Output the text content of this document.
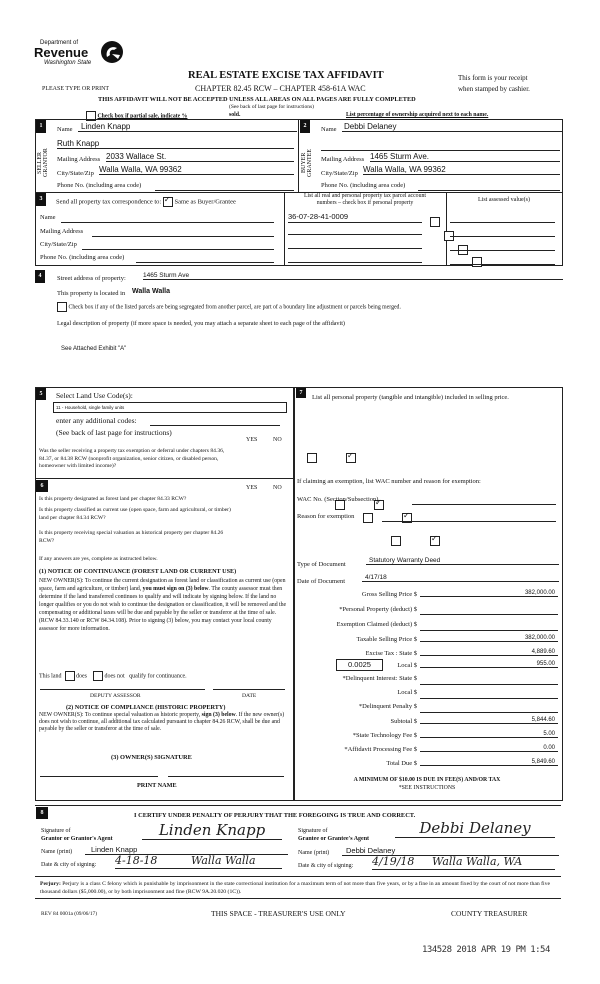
Department of
Revenue
Washington State
REAL ESTATE EXCISE TAX AFFIDAVIT
CHAPTER 82.45 RCW – CHAPTER 458-61A WAC
PLEASE TYPE OR PRINT
This form is your receipt
when stamped by cashier.
THIS AFFIDAVIT WILL NOT BE ACCEPTED UNLESS ALL AREAS ON ALL PAGES ARE FULLY COMPLETED
(See back of last page for instructions)
Check box if partial sale, indicate %	sold.	List percentage of ownership acquired next to each name.
1	2
SELLER
GRANTOR	BUYER
GRANTEE
Name	Linden Knapp
Ruth Knapp
Mailing Address 2033 Wallace St.
City/State/Zip Walla Walla, WA 99362
Phone No. (including area code)
Name Debbi Delaney
Mailing Address 1465 Sturm Ave.
City/State/Zip Walla Walla, WA 99362
Phone No. (including area code)
3	Send all property tax correspondence to: ✓ Same as Buyer/Grantee
Name
Mailing Address
City/State/Zip
Phone No. (including area code)
List all real and personal property tax parcel account
numbers – check box if personal property	List assessed value(s)
36-07-28-41-0009

4	Street address of property:	1465 Sturm Ave
This property is located in Walla Walla
Check box if any of the listed parcels are being segregated from another parcel, are part of a boundary line adjustment or parcels being merged.
Legal description of property (if more space is needed, you may attach a separate sheet to each page of the affidavit)
See Attached Exhibit "A"
5	Select Land Use Code(s):
11 - Household, single family units
enter any additional codes:
(See back of last page for instructions)
YES	NO
Was the seller receiving a property tax exemption or deferral under chapters 84.36, 84.37, or 84.38 RCW (nonprofit organization, senior citizen, or disabled person, homeowner with limited income)?
✓
6	YES	NO
Is this property designated as forest land per chapter 84.33 RCW?
✓
Is this property classified as current use (open space, farm and agricultural, or timber) land per chapter 84.34 RCW?
✓
Is this property receiving special valuation as historical property per chapter 84.26 RCW?
✓
If any answers are yes, complete as instructed below.
(1) NOTICE OF CONTINUANCE (FOREST LAND OR CURRENT USE)
NEW OWNER(S): To continue the current designation as forest land or classification as current use (open space, farm and agriculture, or timber) land, you must sign on (3) below. The county assessor must then determine if the land transferred continues to qualify and will indicate by signing below. If the land no longer qualifies or you do not wish to continue the designation or classification, it will be removed and the compensating or additional taxes will be due and payable by the seller or transferor at the time of sale. (RCW 84.33.140 or RCW 84.34.108). Prior to signing (3) below, you may contact your local county assessor for more information.
This land does	does not qualify for continuance.
DEPUTY ASSESSOR	DATE
(2) NOTICE OF COMPLIANCE (HISTORIC PROPERTY)
NEW OWNER(S): To continue special valuation as historic property, sign (3) below. If the new owner(s) does not wish to continue, all additional tax calculated pursuant to chapter 84.26 RCW, shall be due and payable by the seller or transferor at the time of sale.
(3) OWNER(S) SIGNATURE
PRINT NAME
7
List all personal property (tangible and intangible) included in selling price.
If claiming an exemption, list WAC number and reason for exemption:
WAC No. (Section/Subsection)
Reason for exemption
Type of Document
Statutory Warranty Deed
Date of Document
4/17/18
Gross Selling Price $	382,000.00
*Personal Property (deduct) $
Exemption Claimed (deduct) $
Taxable Selling Price $	382,000.00
Excise Tax : State $	4,889.60
0.0025	Local $	955.00
*Delinquent Interest: State $
Local $
*Delinquent Penalty $
Subtotal $	5,844.60
*State Technology Fee $	5.00
*Affidavit Processing Fee $	0.00
Total Due $	5,849.60
A MINIMUM OF $10.00 IS DUE IN FEE(S) AND/OR TAX
*SEE INSTRUCTIONS
8	I CERTIFY UNDER PENALTY OF PERJURY THAT THE FOREGOING IS TRUE AND CORRECT.
Signature of
Grantor or Grantor's Agent	Linden Knapp
Name (print)	Linden Knapp
Date & city of signing: 4-18-18	Walla Walla
Signature of
Grantee or Grantee's Agent
Debbi Delaney
Name (print)	Debbi Delaney
Date & city of signing: 4/19/18 Walla Walla, WA
Perjury: Perjury is a class C felony which is punishable by imprisonment in the state correctional institution for a maximum term of not more than five years, or by a fine in an amount fixed by the court of not more than five thousand dollars ($5,000.00), or by both imprisonment and fine (RCW 9A.20.020 (1C)).
REV 84 0001a (09/06/17)	THIS SPACE - TREASURER'S USE ONLY	COUNTY TREASURER
134528 2018 APR 19 PM 1:54
